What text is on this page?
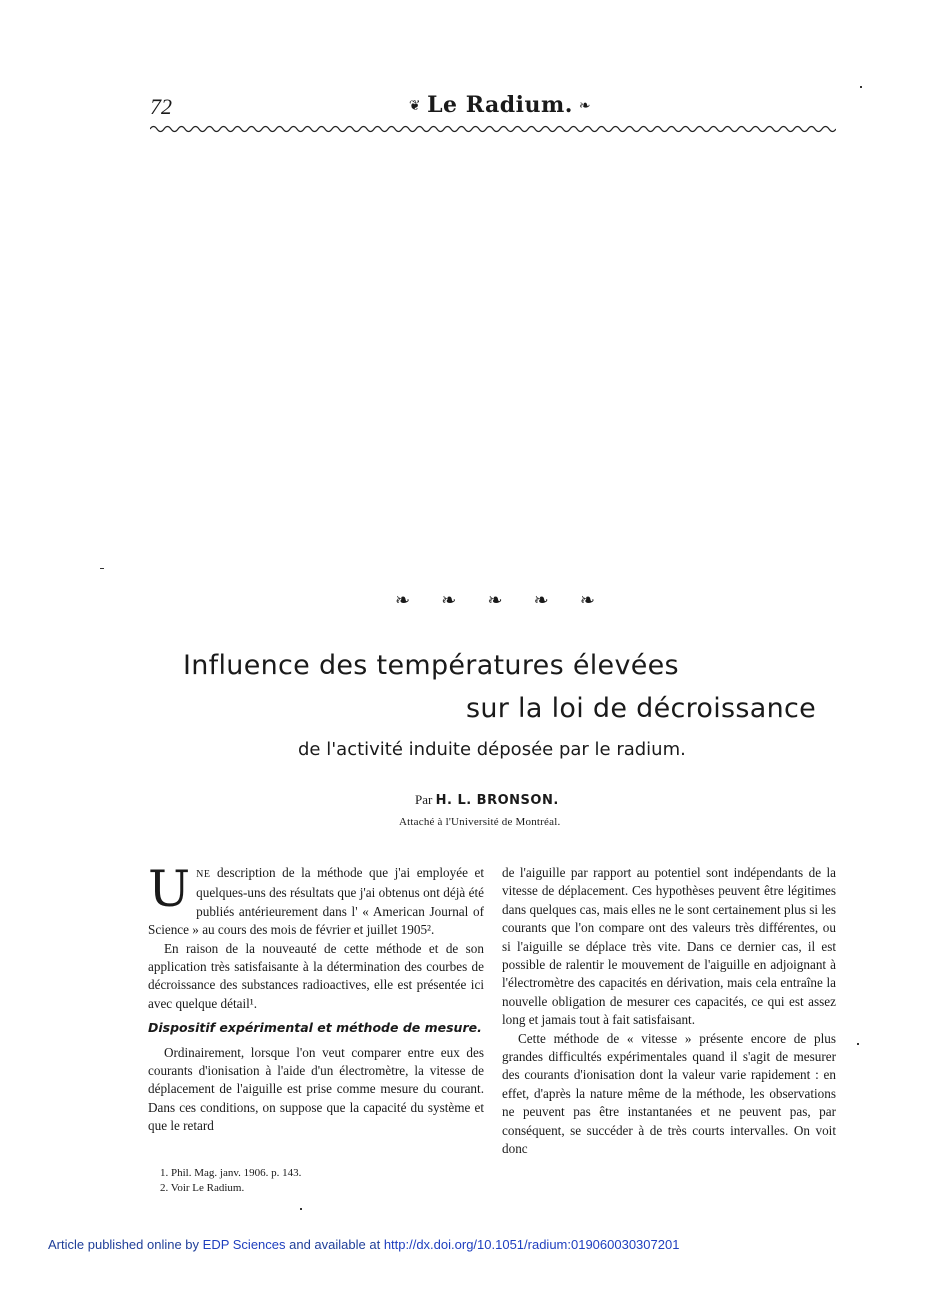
72	❦ Le Radium. ❧
❧ ❧ ❧ ❧ ❧
Influence des températures élevées
sur la loi de décroissance
de l'activité induite déposée par le radium.
Par H. L. BRONSON.
Attaché à l'Université de Montréal.

UNE description de la méthode que j'ai employée et quelques-uns des résultats que j'ai obtenus ont déjà été publiés antérieurement dans l' « American Journal of Science » au cours des mois de février et juillet 1905².

En raison de la nouveauté de cette méthode et de son application très satisfaisante à la détermination des courbes de décroissance des substances radioactives, elle est présentée ici avec quelque détail¹.

Dispositif expérimental et méthode de mesure.

Ordinairement, lorsque l'on veut comparer entre eux des courants d'ionisation à l'aide d'un électromètre, la vitesse de déplacement de l'aiguille est prise comme mesure du courant. Dans ces conditions, on suppose que la capacité du système et que le retard

1. Phil. Mag. janv. 1906. p. 143.
2. Voir Le Radium.

de l'aiguille par rapport au potentiel sont indépendants de la vitesse de déplacement. Ces hypothèses peuvent être légitimes dans quelques cas, mais elles ne le sont certainement plus si les courants que l'on compare ont des valeurs très différentes, ou si l'aiguille se déplace très vite. Dans ce dernier cas, il est possible de ralentir le mouvement de l'aiguille en adjoignant à l'électromètre des capacités en dérivation, mais cela entraîne la nouvelle obligation de mesurer ces capacités, ce qui est assez long et jamais tout à fait satisfaisant.

Cette méthode de « vitesse » présente encore de plus grandes difficultés expérimentales quand il s'agit de mesurer des courants d'ionisation dont la valeur varie rapidement : en effet, d'après la nature même de la méthode, les observations ne peuvent pas être instantanées et ne peuvent pas, par conséquent, se succéder à de très courts intervalles. On voit donc

Article published online by EDP Sciences and available at http://dx.doi.org/10.1051/radium:019060030307201
